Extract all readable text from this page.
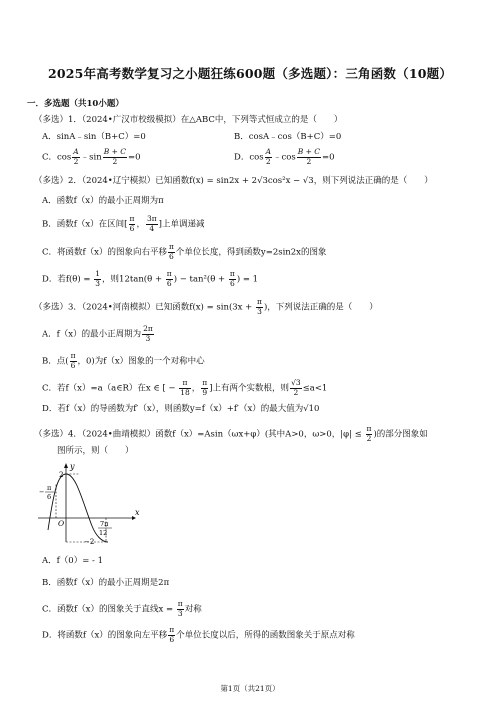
2025年高考数学复习之小题狂练600题（多选题）：三角函数（10题）
一．多选题（共10小题）
（多选）1．（2024•广汉市校级模拟）在△ABC中，下列等式恒成立的是（　　）
A．sinA﹣sin（B+C）=0	B．cosA﹣cos（B+C）=0
C．$\cos \frac{A}{2}$ ﹣sin $\frac{B + C}{2} =0$	D．$\cos \frac{A}{2}$ ﹣cos $\frac{B + C}{2} =0$
（多选）2．（2024•辽宁模拟）已知函数f(x) = sin2x + 2√3cos²x − √3，则下列说法正确的是（　　）
A．函数f（x）的最小正周期为π
B．函数f（x）在区间[ $\frac{\pi}{6}$ ， $\frac{3\pi}{4}$ ]上单调递减
C．将函数f（x）的图象向右平移 $\frac{\pi}{6}$ 个单位长度，得到函数y=2sin2x的图象
D．若$f(\theta) = \frac{1}{3}$ ，则$12\tan(\theta + \frac{\pi}{6}$ ) − $\tan^2(\theta + \frac{\pi}{6}$ ) = 1
（多选）3．（2024•河南模拟）已知函数$f(x) = \sin(3x + \frac{\pi}{3}$ )，下列说法正确的是（　　）
A．f（x）的最小正周期为 $\frac{2\pi}{3}$
B．点( $\frac{\pi}{6}$ ，0)为f（x）图象的一个对称中心
C．若f（x）=a（a∈R）在x ∈ [ − $\frac{\pi}{18}$ ， $\frac{\pi}{9}$ ]上有两个实数根，则 $\frac{√3}{2} \le a<1$
D．若f（x）的导函数为f′（x），则函数y=f（x）+f′（x）的最大值为√10
（多选）4．（2024•曲靖模拟）函数f（x）=Asin（ωx+φ）(其中A>0，ω>0，$|\varphi| \le \frac{\pi}{2}$ )的部分图象如
图所示，则（　　）
y
x
O
2
−2
− π
6
7π
12
A．f（0）= - 1
B．函数f（x）的最小正周期是2π
C．函数f（x）的图象关于直线$x = \frac{\pi}{3}$ 对称
D．将函数f（x）的图象向左平移 $\frac{\pi}{6}$ 个单位长度以后，所得的函数图象关于原点对称
第1页（共21页）
